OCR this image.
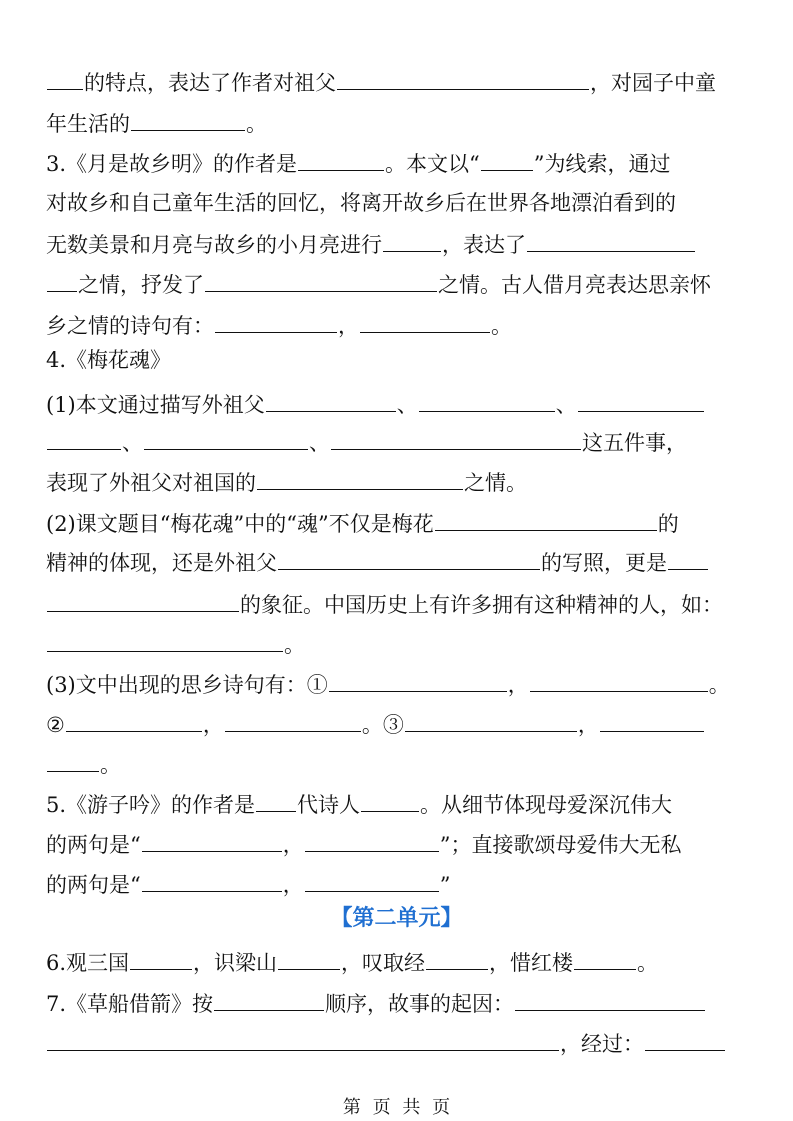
的特点，表达了作者对祖父	，对园子中童
年生活的	。
3.《月是故乡明》的作者是	。本文以“	”为线索，通过
对故乡和自己童年生活的回忆，将离开故乡后在世界各地漂泊看到的
无数美景和月亮与故乡的小月亮进行	，表达了
之情，抒发了	之情。古人借月亮表达思亲怀
乡之情的诗句有：	，	。
4.《梅花魂》
(1)本文通过描写外祖父	、	、
、	、	这五件事，
表现了外祖父对祖国的	之情。
(2)课文题目“梅花魂”中的“魂”不仅是梅花	的
精神的体现，还是外祖父	的写照，更是
的象征。中国历史上有许多拥有这种精神的人，如：
。
(3)文中出现的思乡诗句有：①	，	。
②	，	。③	，
。
5.《游子吟》的作者是 代诗人	。从细节体现母爱深沉伟大
的两句是“	，	”；直接歌颂母爱伟大无私
的两句是“	，	”
【第二单元】
6.观三国	，识梁山	，叹取经	，惜红楼	。
7.《草船借箭》按	顺序，故事的起因：
，经过：
第 页 共 页
